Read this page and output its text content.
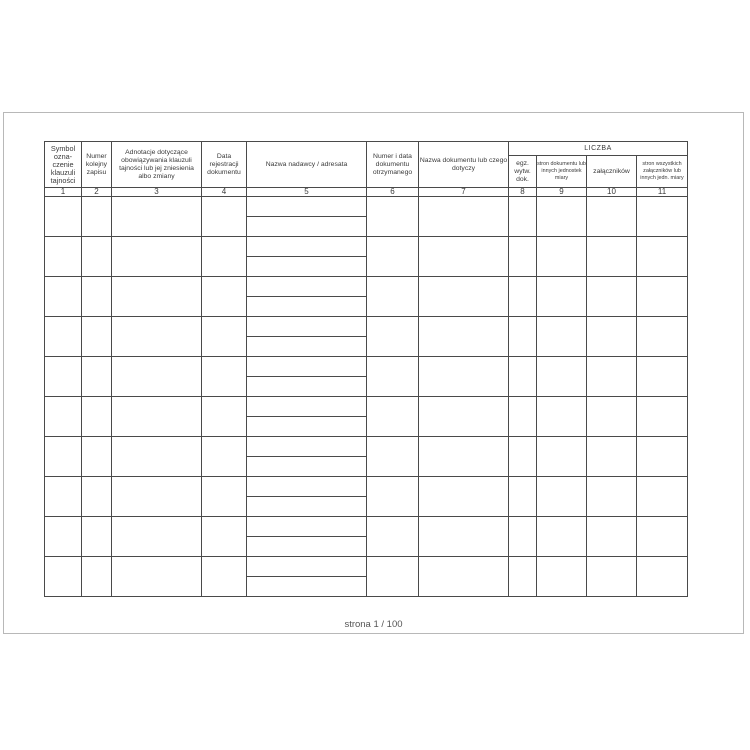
Symbol ozna-czenie klauzuli tajności	Numer kolejny zapisu	Adnotacje dotyczące obowiązywania klauzuli tajności lub jej zniesienia albo zmiany	Data rejestracji dokumentu	Nazwa nadawcy / adresata	Numer i data dokumentu otrzymanego	Nazwa dokumentu lub czego dotyczy	LICZBA			
							egz. wytw. dok.	stron dokumentu lub innych jednostek miary	załączników	stron wszystkich załączników lub innych jedn. miary
1	2	3	4	5	6	7	8	9	10	11

strona 1 / 100
